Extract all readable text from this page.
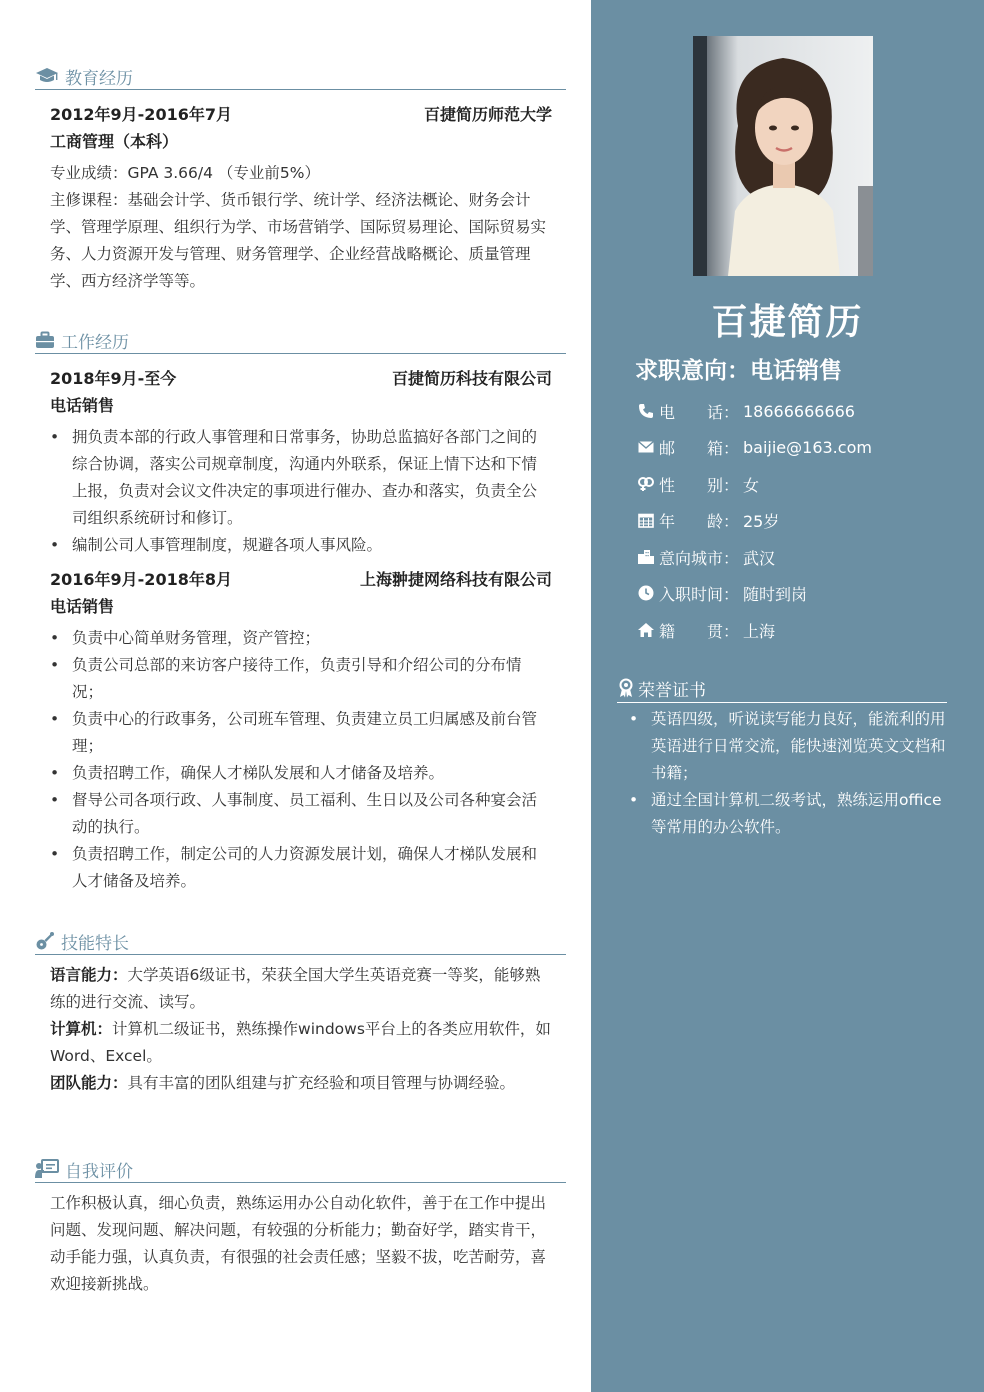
教育经历
2012年9月-2016年7月	百捷简历师范大学
工商管理（本科）

专业成绩：GPA 3.66/4 （专业前5%）

主修课程：基础会计学、货币银行学、统计学、经济法概论、财务会计学、管理学原理、组织行为学、市场营销学、国际贸易理论、国际贸易实务、人力资源开发与管理、财务管理学、企业经营战略概论、质量管理学、西方经济学等等。

工作经历
2018年9月-至今	百捷简历科技有限公司
电话销售

• 拥负责本部的行政人事管理和日常事务，协助总监搞好各部门之间的综合协调，落实公司规章制度，沟通内外联系，保证上情下达和下情上报，负责对会议文件决定的事项进行催办、查办和落实，负责全公司组织系统研讨和修订。

• 编制公司人事管理制度，规避各项人事风险。

2016年9月-2018年8月	上海翀捷网络科技有限公司
电话销售

• 负责中心简单财务管理，资产管控；

• 负责公司总部的来访客户接待工作，负责引导和介绍公司的分布情况；

• 负责中心的行政事务，公司班车管理、负责建立员工归属感及前台管理；

• 负责招聘工作，确保人才梯队发展和人才储备及培养。

• 督导公司各项行政、人事制度、员工福利、生日以及公司各种宴会活动的执行。

• 负责招聘工作，制定公司的人力资源发展计划，确保人才梯队发展和人才储备及培养。

技能特长

语言能力：大学英语6级证书，荣获全国大学生英语竞赛一等奖，能够熟练的进行交流、读写。

计算机：计算机二级证书，熟练操作windows平台上的各类应用软件，如Word、Excel。

团队能力：具有丰富的团队组建与扩充经验和项目管理与协调经验。

自我评价

工作积极认真，细心负责，熟练运用办公自动化软件，善于在工作中提出问题、发现问题、解决问题，有较强的分析能力；勤奋好学，踏实肯干，动手能力强，认真负责，有很强的社会责任感；坚毅不拔，吃苦耐劳，喜欢迎接新挑战。

百捷简历
求职意向：电话销售
电　　话： 18666666666
邮　　箱： baijie@163.com
性　　别： 女
年　　龄： 25岁
意向城市： 武汉
入职时间： 随时到岗
籍　　贯： 上海
荣誉证书

• 英语四级，听说读写能力良好，能流利的用英语进行日常交流，能快速浏览英文文档和书籍；

• 通过全国计算机二级考试，熟练运用office等常用的办公软件。
